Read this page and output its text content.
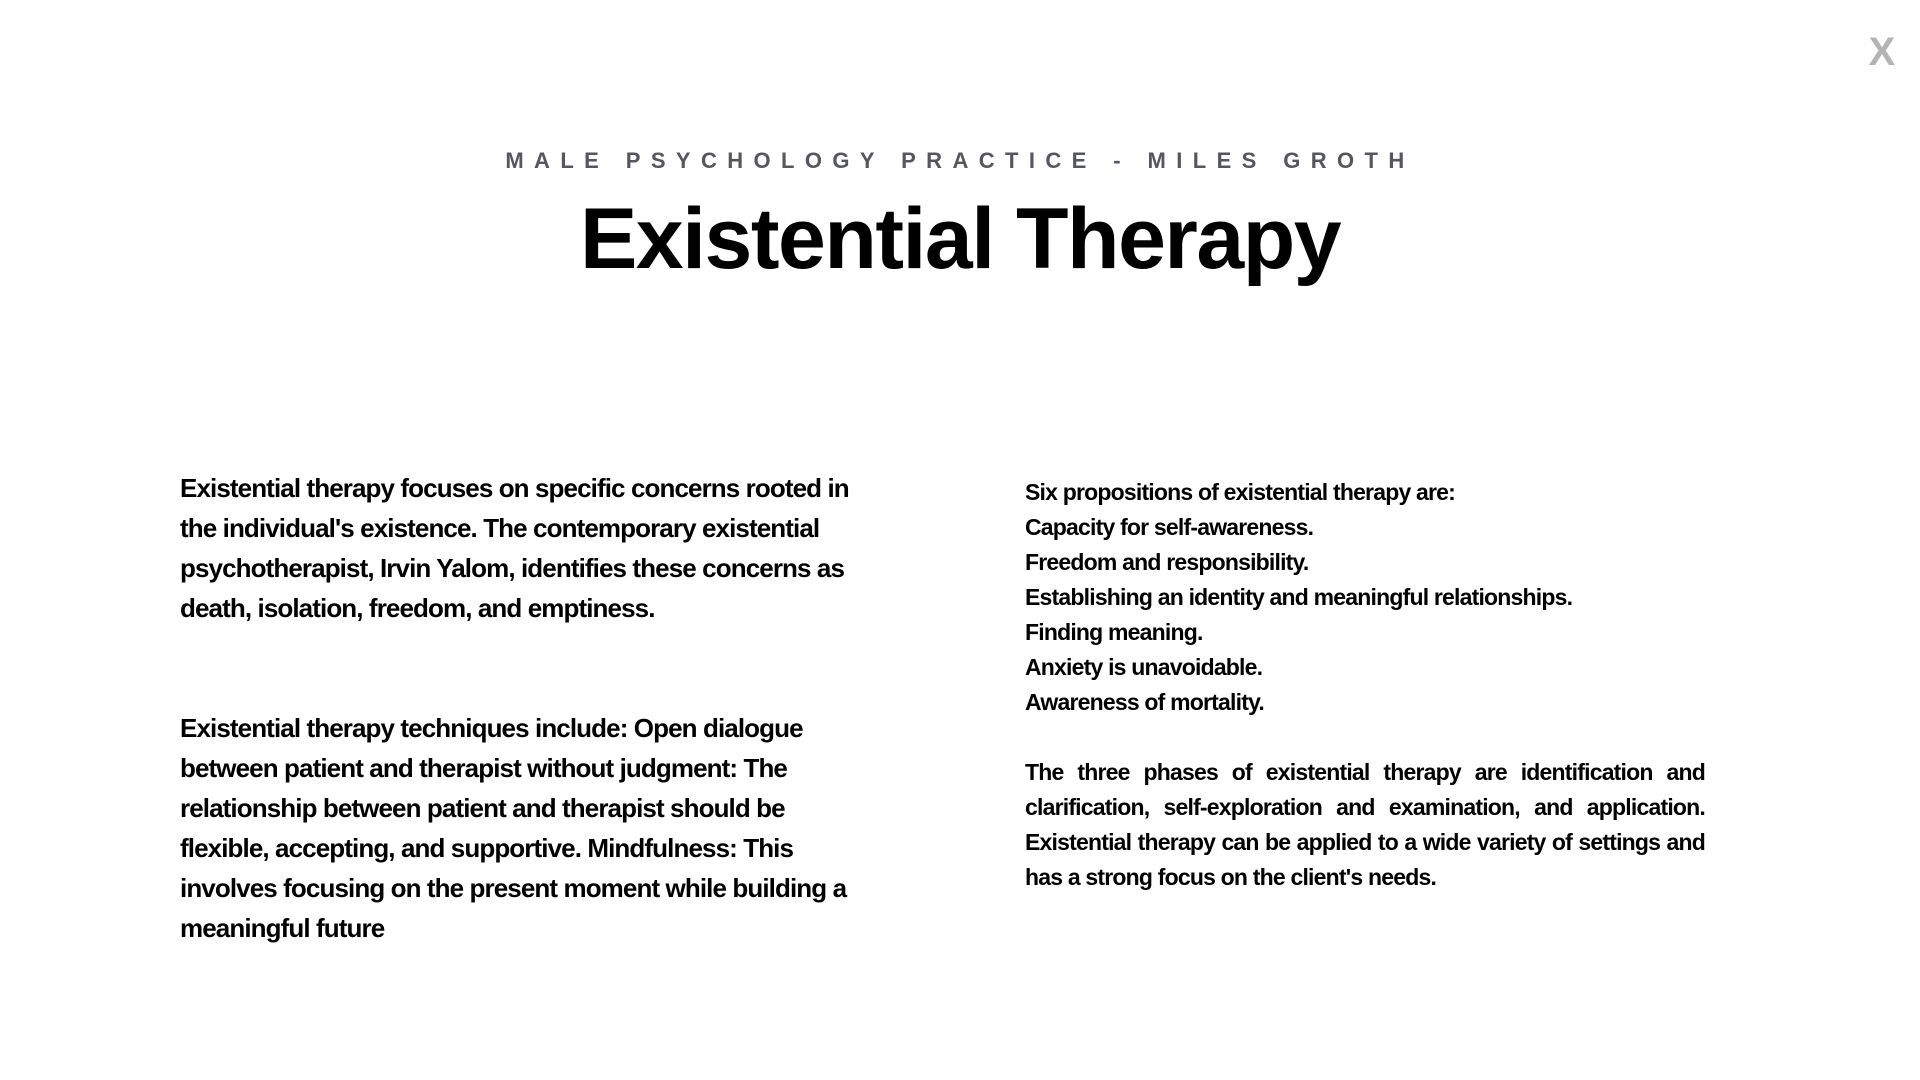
X
MALE PSYCHOLOGY PRACTICE - MILES GROTH
Existential Therapy

Existential therapy focuses on specific concerns rooted in the individual's existence. The contemporary existential psychotherapist, Irvin Yalom, identifies these concerns as death, isolation, freedom, and emptiness.

Existential therapy techniques include: Open dialogue between patient and therapist without judgment: The relationship between patient and therapist should be flexible, accepting, and supportive. Mindfulness: This involves focusing on the present moment while building a meaningful future

Six propositions of existential therapy are:

Capacity for self-awareness.
Freedom and responsibility.
Establishing an identity and meaningful relationships.
Finding meaning.
Anxiety is unavoidable.
Awareness of mortality.

The three phases of existential therapy are identification and clarification, self-exploration and examination, and application. Existential therapy can be applied to a wide variety of settings and has a strong focus on the client's needs.
